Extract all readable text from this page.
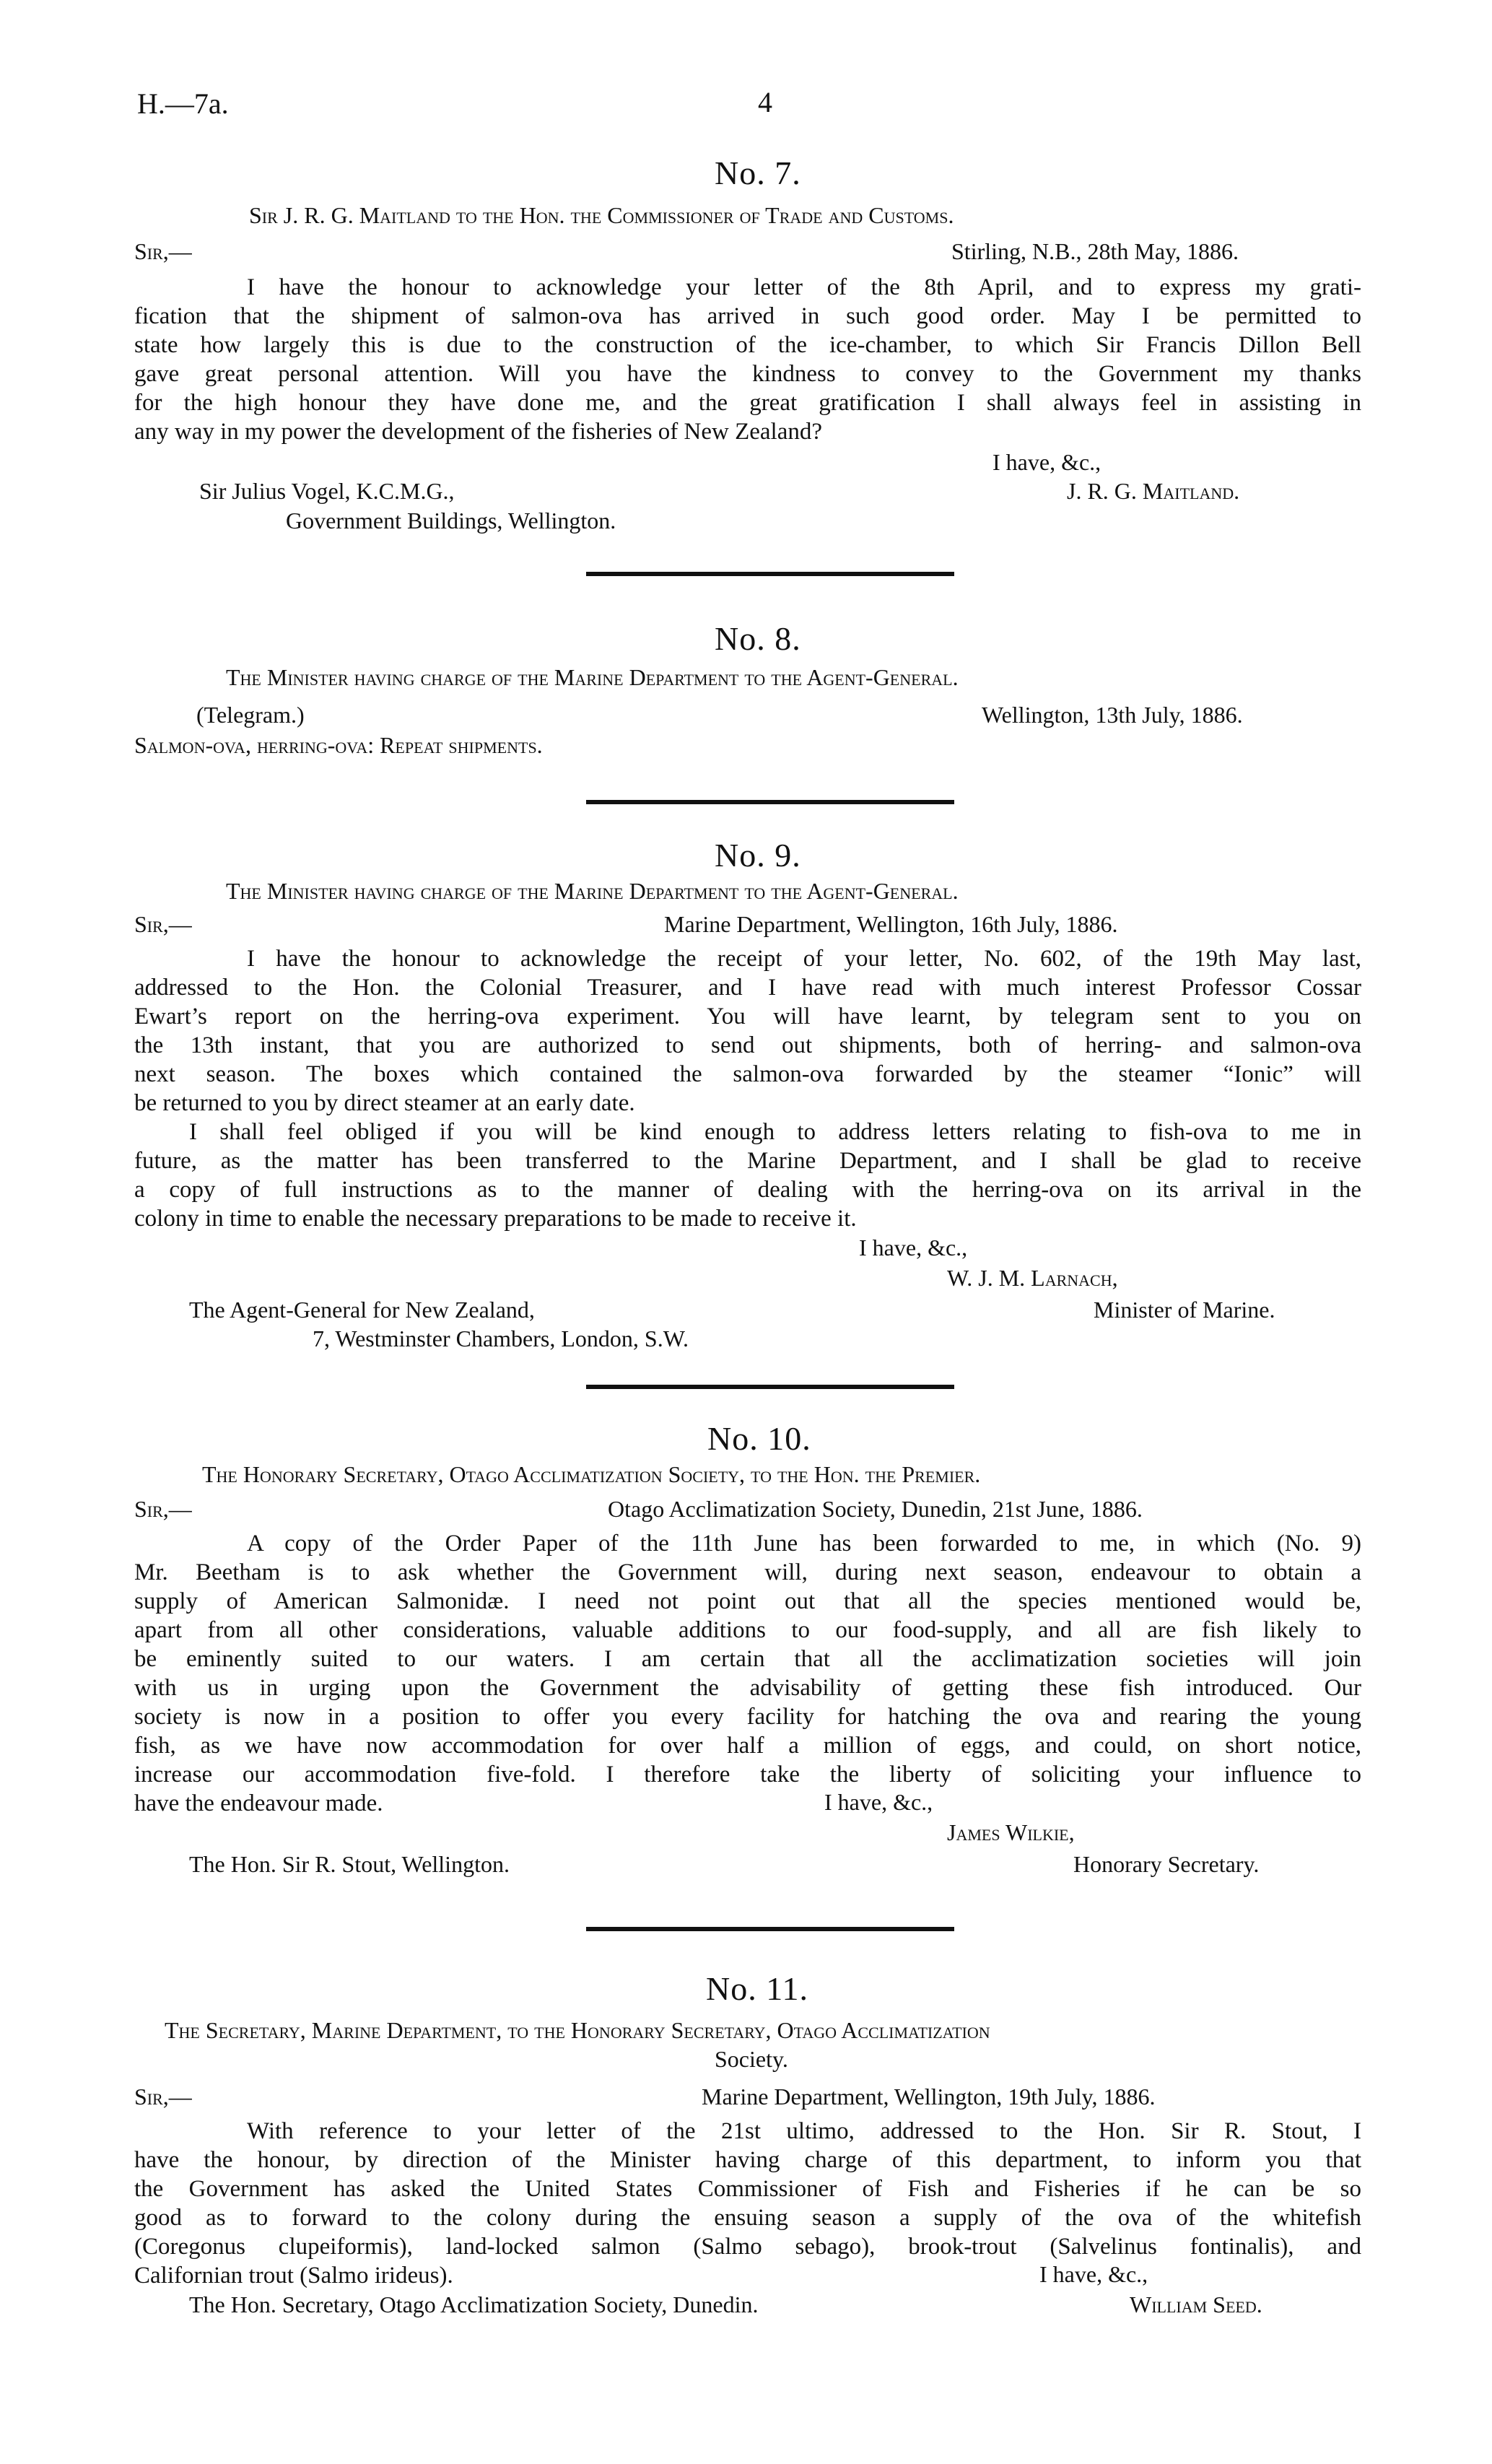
H.—7a.	4
No. 7.
Sir J. R. G. Maitland to the Hon. the Commissioner of Trade and Customs.
Sir,—	Stirling, N.B., 28th May, 1886.
I have the honour to acknowledge your letter of the 8th April, and to express my grati-
fication that the shipment of salmon-ova has arrived in such good order. May I be permitted to
state how largely this is due to the construction of the ice-chamber, to which Sir Francis Dillon Bell
gave great personal attention. Will you have the kindness to convey to the Government my thanks
for the high honour they have done me, and the great gratification I shall always feel in assisting in
any way in my power the development of the fisheries of New Zealand?
I have, &c.,
Sir Julius Vogel, K.C.M.G.,	J. R. G. Maitland.
Government Buildings, Wellington.
No. 8.
The Minister having charge of the Marine Department to the Agent-General.
(Telegram.)	Wellington, 13th July, 1886.
Salmon-ova, herring-ova: Repeat shipments.
No. 9.
The Minister having charge of the Marine Department to the Agent-General.
Sir,—	Marine Department, Wellington, 16th July, 1886.
I have the honour to acknowledge the receipt of your letter, No. 602, of the 19th May last,
addressed to the Hon. the Colonial Treasurer, and I have read with much interest Professor Cossar
Ewart’s report on the herring-ova experiment. You will have learnt, by telegram sent to you on
the 13th instant, that you are authorized to send out shipments, both of herring- and salmon-ova
next season. The boxes which contained the salmon-ova forwarded by the steamer “Ionic” will
be returned to you by direct steamer at an early date.
I shall feel obliged if you will be kind enough to address letters relating to fish-ova to me in
future, as the matter has been transferred to the Marine Department, and I shall be glad to receive
a copy of full instructions as to the manner of dealing with the herring-ova on its arrival in the
colony in time to enable the necessary preparations to be made to receive it.
I have, &c.,
W. J. M. Larnach,
The Agent-General for New Zealand,	Minister of Marine.
7, Westminster Chambers, London, S.W.
No. 10.
The Honorary Secretary, Otago Acclimatization Society, to the Hon. the Premier.
Sir,—	Otago Acclimatization Society, Dunedin, 21st June, 1886.
A copy of the Order Paper of the 11th June has been forwarded to me, in which (No. 9)
Mr. Beetham is to ask whether the Government will, during next season, endeavour to obtain a
supply of American Salmonidæ. I need not point out that all the species mentioned would be,
apart from all other considerations, valuable additions to our food-supply, and all are fish likely to
be eminently suited to our waters. I am certain that all the acclimatization societies will join
with us in urging upon the Government the advisability of getting these fish introduced. Our
society is now in a position to offer you every facility for hatching the ova and rearing the young
fish, as we have now accommodation for over half a million of eggs, and could, on short notice,
increase our accommodation five-fold. I therefore take the liberty of soliciting your influence to
have the endeavour made.	I have, &c.,
James Wilkie,
The Hon. Sir R. Stout, Wellington.	Honorary Secretary.
No. 11.
The Secretary, Marine Department, to the Honorary Secretary, Otago Acclimatization
Society.
Sir,—	Marine Department, Wellington, 19th July, 1886.
With reference to your letter of the 21st ultimo, addressed to the Hon. Sir R. Stout, I
have the honour, by direction of the Minister having charge of this department, to inform you that
the Government has asked the United States Commissioner of Fish and Fisheries if he can be so
good as to forward to the colony during the ensuing season a supply of the ova of the whitefish
(Coregonus clupeiformis), land-locked salmon (Salmo sebago), brook-trout (Salvelinus fontinalis), and
Californian trout (Salmo irideus).	I have, &c.,
The Hon. Secretary, Otago Acclimatization Society, Dunedin.	William Seed.
